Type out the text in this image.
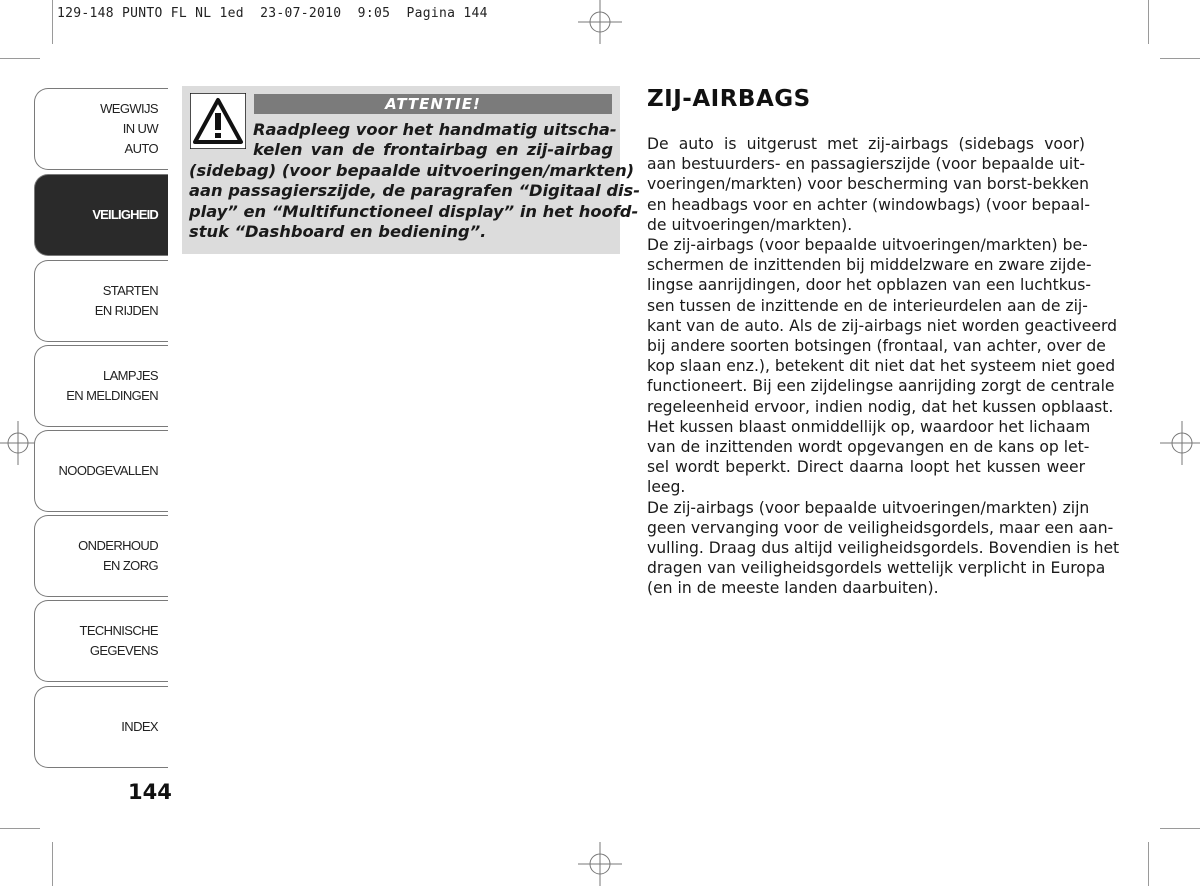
129-148 PUNTO FL NL 1ed  23-07-2010  9:05  Pagina 144
WEGWIJS
IN UW
AUTO
VEILIGHEID
STARTEN
EN RIJDEN
LAMPJES
EN MELDINGEN
NOODGEVALLEN
ONDERHOUD
EN ZORG
TECHNISCHE
GEGEVENS
INDEX
144
ATTENTIE!
Raadpleeg voor het handmatig uitscha-
kelen van de frontairbag en zij-airbag
(sidebag) (voor bepaalde uitvoeringen/markten)
aan passagierszijde, de paragrafen “Digitaal dis-
play” en “Multifunctioneel display” in het hoofd-
stuk “Dashboard en bediening”.
ZIJ-AIRBAGS
De auto is uitgerust met zij-airbags (sidebags voor)
aan bestuurders- en passagierszijde (voor bepaalde uit-
voeringen/markten) voor bescherming van borst-bekken
en headbags voor en achter (windowbags) (voor bepaal-
de uitvoeringen/markten).
De zij-airbags (voor bepaalde uitvoeringen/markten) be-
schermen de inzittenden bij middelzware en zware zijde-
lingse aanrijdingen, door het opblazen van een luchtkus-
sen tussen de inzittende en de interieurdelen aan de zij-
kant van de auto. Als de zij-airbags niet worden geactiveerd
bij andere soorten botsingen (frontaal, van achter, over de
kop slaan enz.), betekent dit niet dat het systeem niet goed
functioneert. Bij een zijdelingse aanrijding zorgt de centrale
regeleenheid ervoor, indien nodig, dat het kussen opblaast.
Het kussen blaast onmiddellijk op, waardoor het lichaam
van de inzittenden wordt opgevangen en de kans op let-
sel wordt beperkt. Direct daarna loopt het kussen weer
leeg.
De zij-airbags (voor bepaalde uitvoeringen/markten) zijn
geen vervanging voor de veiligheidsgordels, maar een aan-
vulling. Draag dus altijd veiligheidsgordels. Bovendien is het
dragen van veiligheidsgordels wettelijk verplicht in Europa
(en in de meeste landen daarbuiten).
